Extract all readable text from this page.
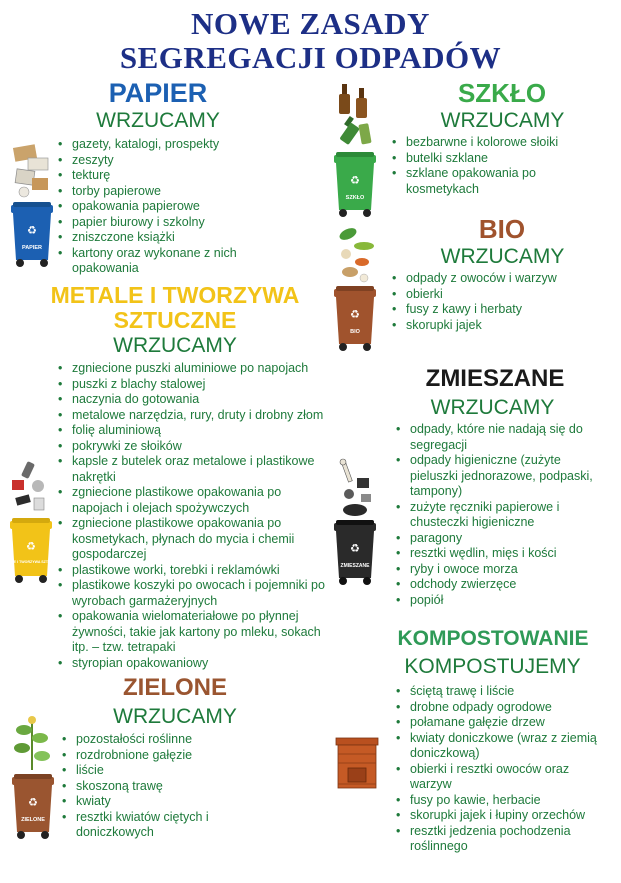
NOWE ZASADY
SEGREGACJI ODPADÓW
PAPIER
WRZUCAMY
• gazety, katalogi, prospekty
• zeszyty
• tekturę
• torby papierowe
• opakowania papierowe
• papier biurowy i szkolny
• zniszczone książki
• kartony oraz wykonane z nich opakowania
♻
PAPIER
METALE I TWORZYWA
SZTUCZNE
WRZUCAMY
• zgniecione puszki aluminiowe po napojach
• puszki z blachy stalowej
• naczynia do gotowania
• metalowe narzędzia, rury, druty i drobny złom
• folię aluminiową
• pokrywki ze słoików
• kapsle z butelek oraz metalowe i plastikowe nakrętki
• zgniecione plastikowe opakowania po napojach i olejach spożywczych
• zgniecione plastikowe opakowania po kosmetykach, płynach do mycia i chemii gospodarczej
• plastikowe worki, torebki i reklamówki
• plastikowe koszyki po owocach i pojemniki po wyrobach garmażeryjnych
• opakowania wielomateriałowe po płynnej żywności, takie jak kartony po mleku, sokach itp. – tzw. tetrapaki
• styropian opakowaniowy
♻
METALE I TWORZYWA SZTUCZNE
ZIELONE
WRZUCAMY
• pozostałości roślinne
• rozdrobnione gałęzie
• liście
• skoszoną trawę
• kwiaty
• resztki kwiatów ciętych i doniczkowych
♻
ZIELONE
SZKŁO
WRZUCAMY
• bezbarwne i kolorowe słoiki
• butelki szklane
• szklane opakowania po kosmetykach
♻
SZKŁO
BIO
WRZUCAMY
• odpady z owoców i warzyw
• obierki
• fusy z kawy i herbaty
• skorupki jajek
♻
BIO
ZMIESZANE
WRZUCAMY
• odpady, które nie nadają się do segregacji
• odpady higieniczne (zużyte pieluszki jednorazowe, podpaski, tampony)
• zużyte ręczniki papierowe i chusteczki higieniczne
• paragony
• resztki wędlin, mięs i kości
• ryby i owoce morza
• odchody zwierzęce
• popiół
♻
ZMIESZANE
KOMPOSTOWANIE
KOMPOSTUJEMY
• ściętą trawę i liście
• drobne odpady ogrodowe
• połamane gałęzie drzew
• kwiaty doniczkowe (wraz z ziemią doniczkową)
• obierki i resztki owoców oraz warzyw
• fusy po kawie, herbacie
• skorupki jajek i łupiny orzechów
• resztki jedzenia pochodzenia roślinnego
